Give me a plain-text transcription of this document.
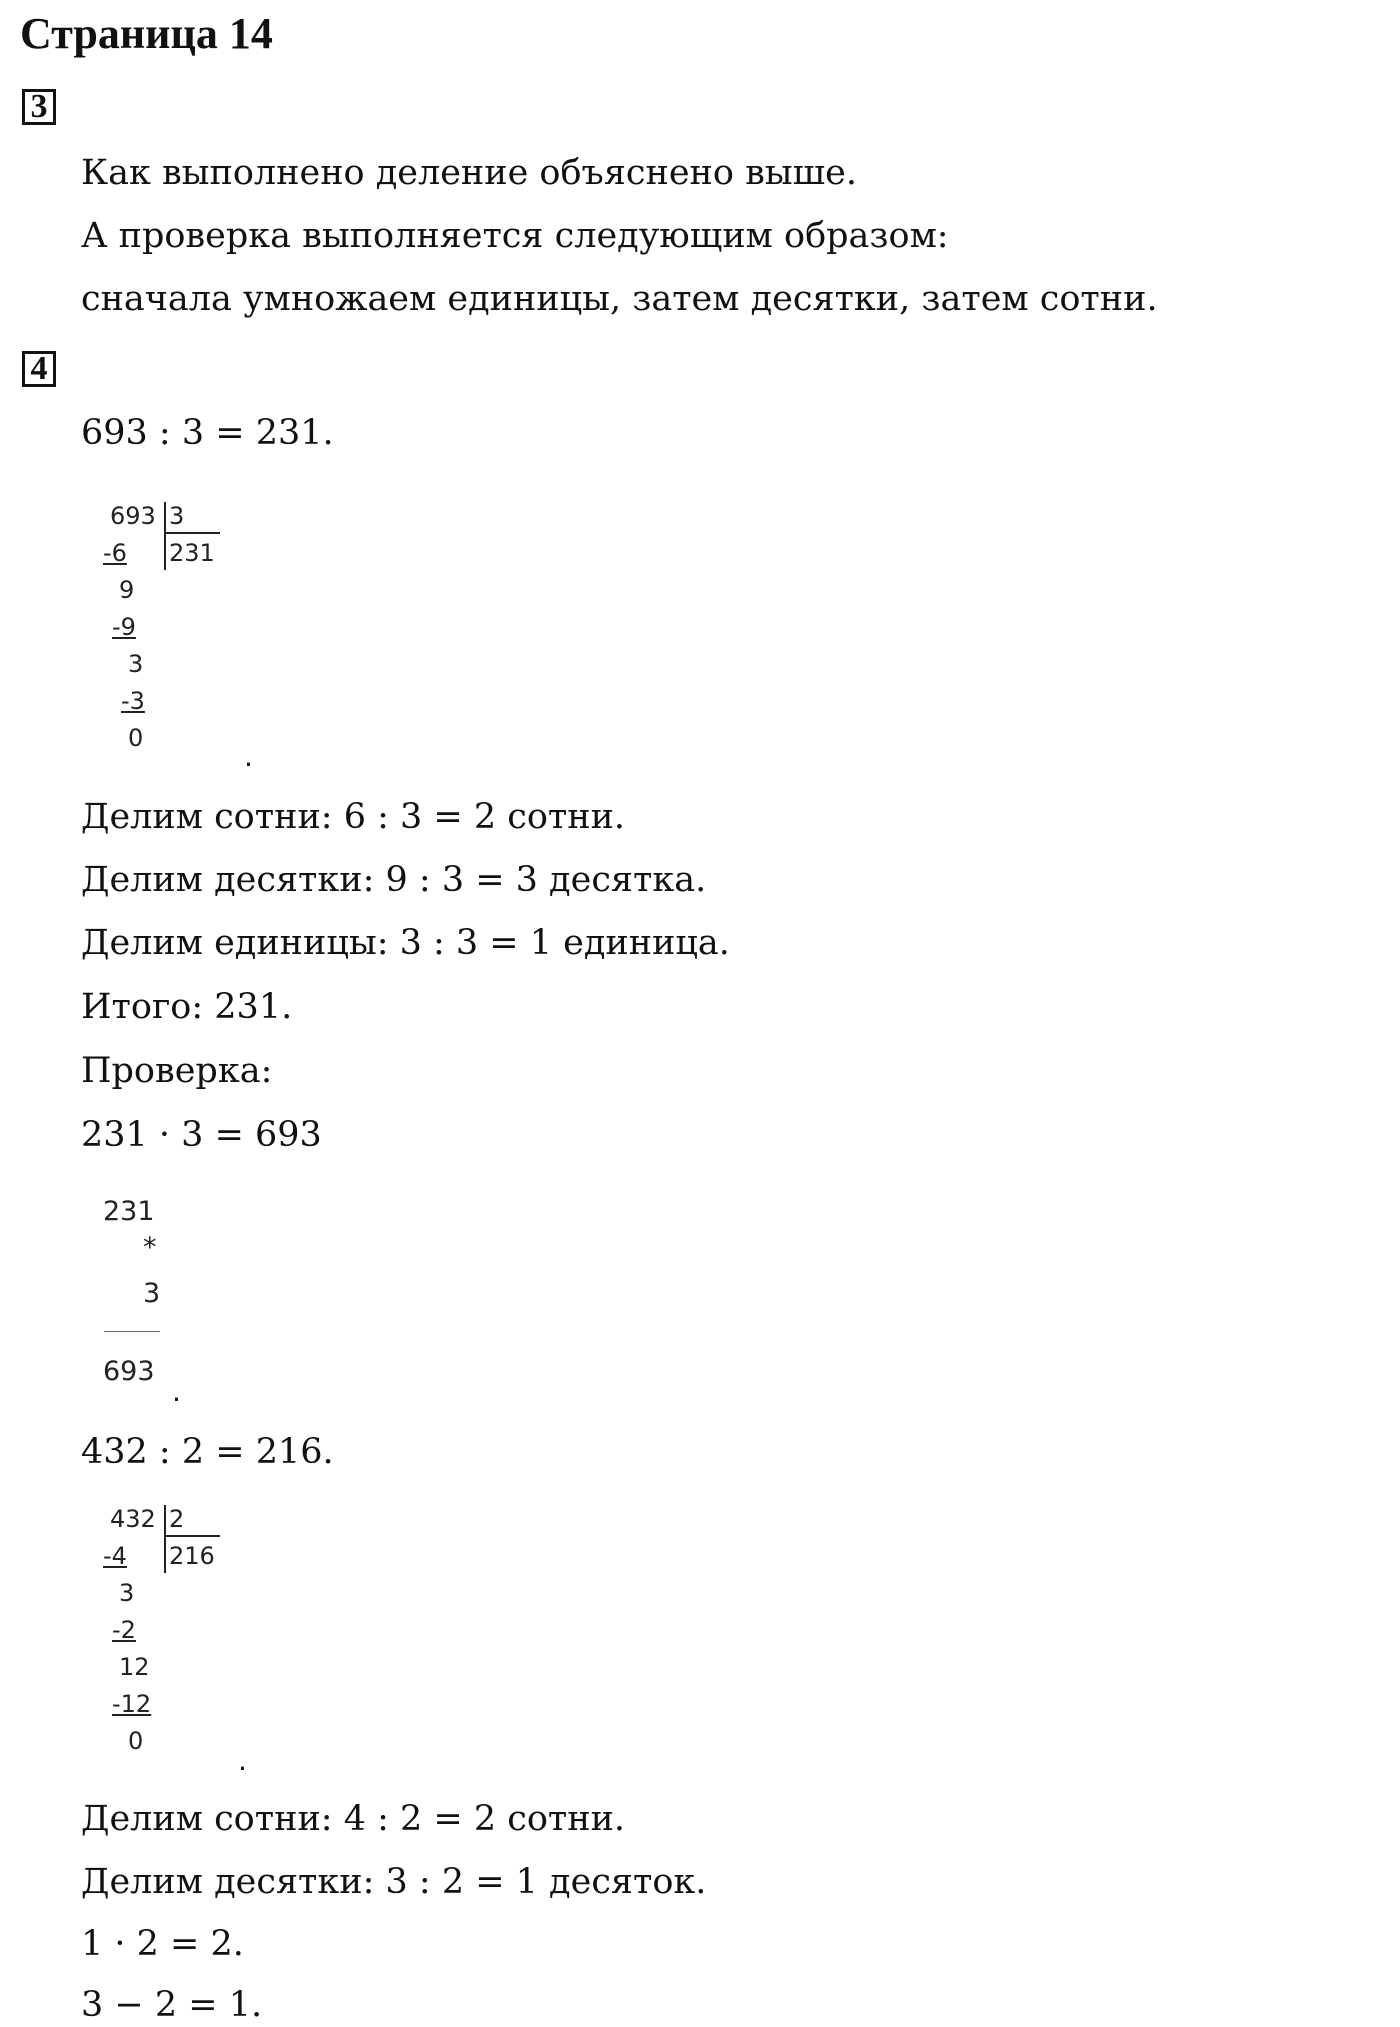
Страница 14
3
Как выполнено деление объяснено выше.
А проверка выполняется следующим образом:
сначала умножаем единицы, затем десятки, затем сотни.
4
693 : 3 = 231.
693 3
231
-6
9
-9
3
-3
0
.
Делим сотни: 6 : 3 = 2 сотни.
Делим десятки: 9 : 3 = 3 десятка.
Делим единицы: 3 : 3 = 1 единица.
Итого: 231.
Проверка:
231 · 3 = 693
231
*
3
693
.
432 : 2 = 216.
432 2
216
-4
3
-2
12
-12
0
.
Делим сотни: 4 : 2 = 2 сотни.
Делим десятки: 3 : 2 = 1 десяток.
1 · 2 = 2.
3 − 2 = 1.
